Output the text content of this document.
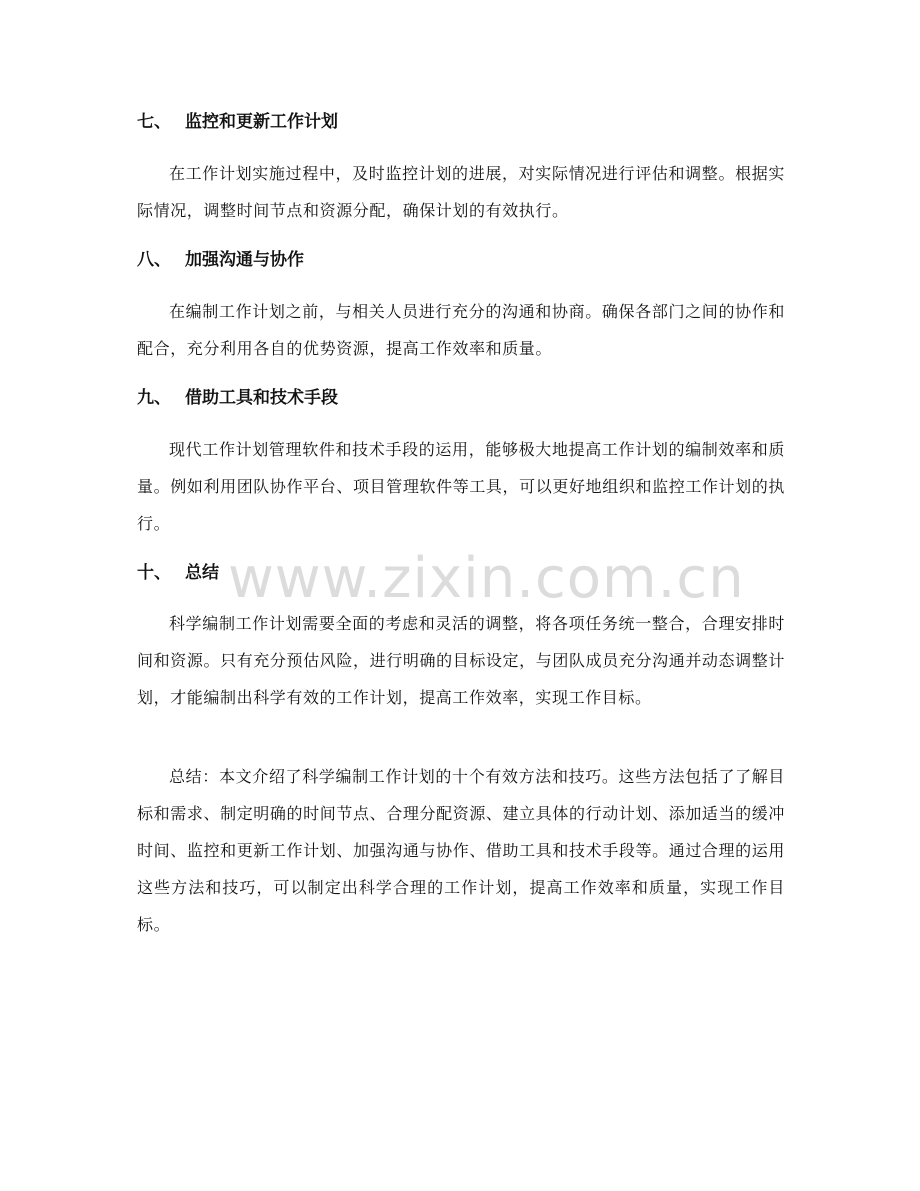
七、 监控和更新工作计划

在工作计划实施过程中，及时监控计划的进展，对实际情况进行评估和调整。根据实际情况，调整时间节点和资源分配，确保计划的有效执行。

八、 加强沟通与协作

在编制工作计划之前，与相关人员进行充分的沟通和协商。确保各部门之间的协作和配合，充分利用各自的优势资源，提高工作效率和质量。

九、 借助工具和技术手段

现代工作计划管理软件和技术手段的运用，能够极大地提高工作计划的编制效率和质量。例如利用团队协作平台、项目管理软件等工具，可以更好地组织和监控工作计划的执行。

十、 总结

科学编制工作计划需要全面的考虑和灵活的调整，将各项任务统一整合，合理安排时间和资源。只有充分预估风险，进行明确的目标设定，与团队成员充分沟通并动态调整计划，才能编制出科学有效的工作计划，提高工作效率，实现工作目标。

总结：本文介绍了科学编制工作计划的十个有效方法和技巧。这些方法包括了了解目标和需求、制定明确的时间节点、合理分配资源、建立具体的行动计划、添加适当的缓冲时间、监控和更新工作计划、加强沟通与协作、借助工具和技术手段等。通过合理的运用这些方法和技巧，可以制定出科学合理的工作计划，提高工作效率和质量，实现工作目标。

www.zixin.com.cn
